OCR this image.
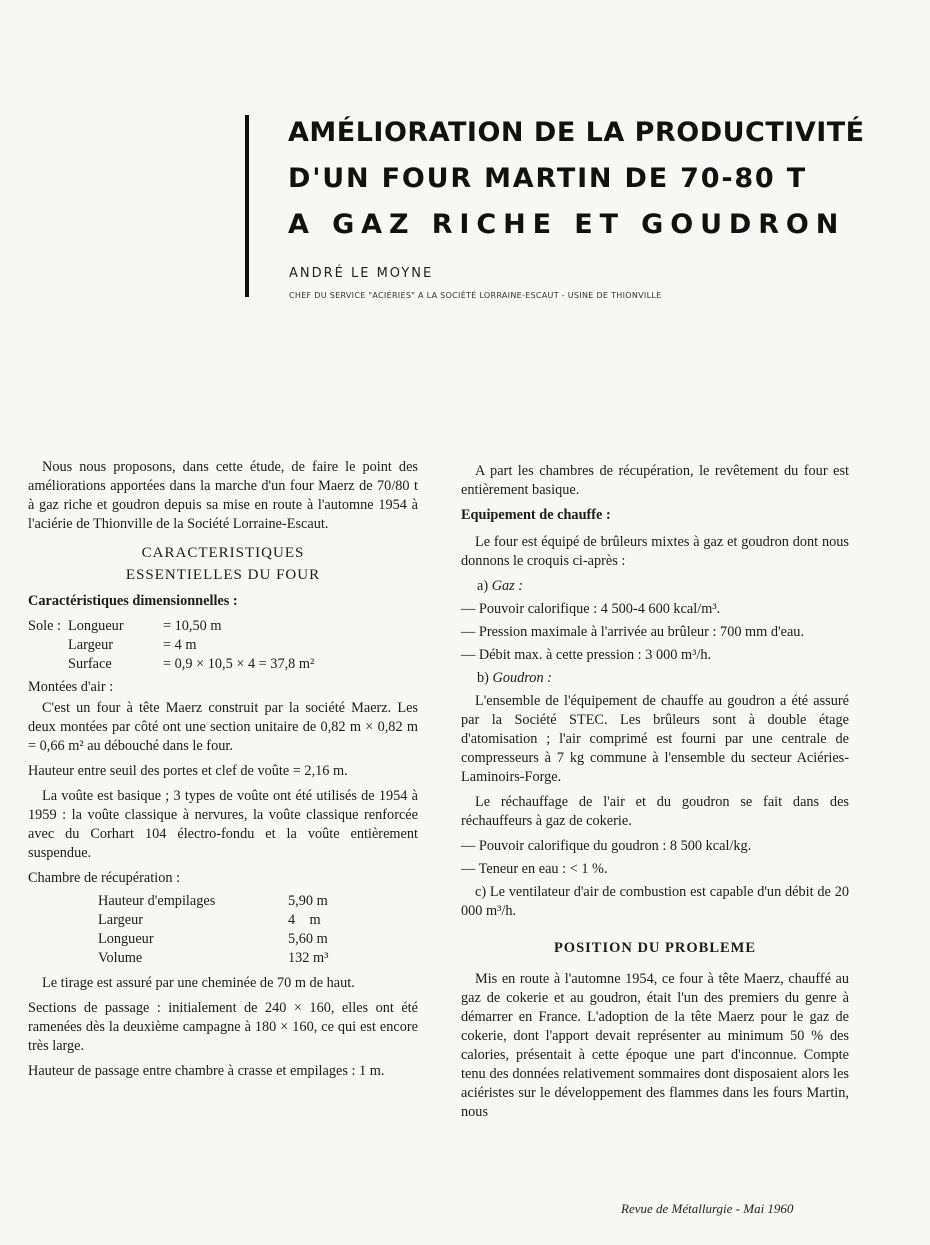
AMÉLIORATION DE LA PRODUCTIVITÉ
D'UN FOUR MARTIN DE 70-80 T
A GAZ RICHE ET GOUDRON
ANDRÉ LE MOYNE
CHEF DU SERVICE "ACIÉRIES" A LA SOCIÉTÉ LORRAINE-ESCAUT - USINE DE THIONVILLE

Nous nous proposons, dans cette étude, de faire le point des améliorations apportées dans la marche d'un four Maerz de 70/80 t à gaz riche et goudron depuis sa mise en route à l'automne 1954 à l'aciérie de Thionville de la Société Lorraine-Escaut.

CARACTERISTIQUES
ESSENTIELLES DU FOUR
Caractéristiques dimensionnelles :
Sole : Longueur	= 10,50 m
Largeur	= 4 m
Surface	= 0,9 × 10,5 × 4 = 37,8 m²

Montées d'air :

C'est un four à tête Maerz construit par la société Maerz. Les deux montées par côté ont une section unitaire de 0,82 m × 0,82 m = 0,66 m² au débouché dans le four.

Hauteur entre seuil des portes et clef de voûte = 2,16 m.

La voûte est basique ; 3 types de voûte ont été utilisés de 1954 à 1959 : la voûte classique à nervures, la voûte classique renforcée avec du Corhart 104 électro-fondu et la voûte entièrement suspendue.

Chambre de récupération :

Hauteur d'empilages	5,90 m
Largeur	4    m
Longueur	5,60 m
Volume	132 m³

Le tirage est assuré par une cheminée de 70 m de haut.

Sections de passage : initialement de 240 × 160, elles ont été ramenées dès la deuxième campagne à 180 × 160, ce qui est encore très large.

Hauteur de passage entre chambre à crasse et empilages : 1 m.

A part les chambres de récupération, le revêtement du four est entièrement basique.

Equipement de chauffe :

Le four est équipé de brûleurs mixtes à gaz et goudron dont nous donnons le croquis ci-après :

a) Gaz :
— Pouvoir calorifique : 4 500-4 600 kcal/m³.
— Pression maximale à l'arrivée au brûleur : 700 mm d'eau.
— Débit max. à cette pression : 3 000 m³/h.
b) Goudron :

L'ensemble de l'équipement de chauffe au goudron a été assuré par la Société STEC. Les brûleurs sont à double étage d'atomisation ; l'air comprimé est fourni par une centrale de compresseurs à 7 kg commune à l'ensemble du secteur Aciéries-Laminoirs-Forge.

Le réchauffage de l'air et du goudron se fait dans des réchauffeurs à gaz de cokerie.

— Pouvoir calorifique du goudron : 8 500 kcal/kg.
— Teneur en eau : < 1 %.

c) Le ventilateur d'air de combustion est capable d'un débit de 20 000 m³/h.

POSITION DU PROBLEME

Mis en route à l'automne 1954, ce four à tête Maerz, chauffé au gaz de cokerie et au goudron, était l'un des premiers du genre à démarrer en France. L'adoption de la tête Maerz pour le gaz de cokerie, dont l'apport devait représenter au minimum 50 % des calories, présentait à cette époque une part d'inconnue. Compte tenu des données relativement sommaires dont disposaient alors les aciéristes sur le développement des flammes dans les fours Martin, nous

Revue de Métallurgie - Mai 1960
